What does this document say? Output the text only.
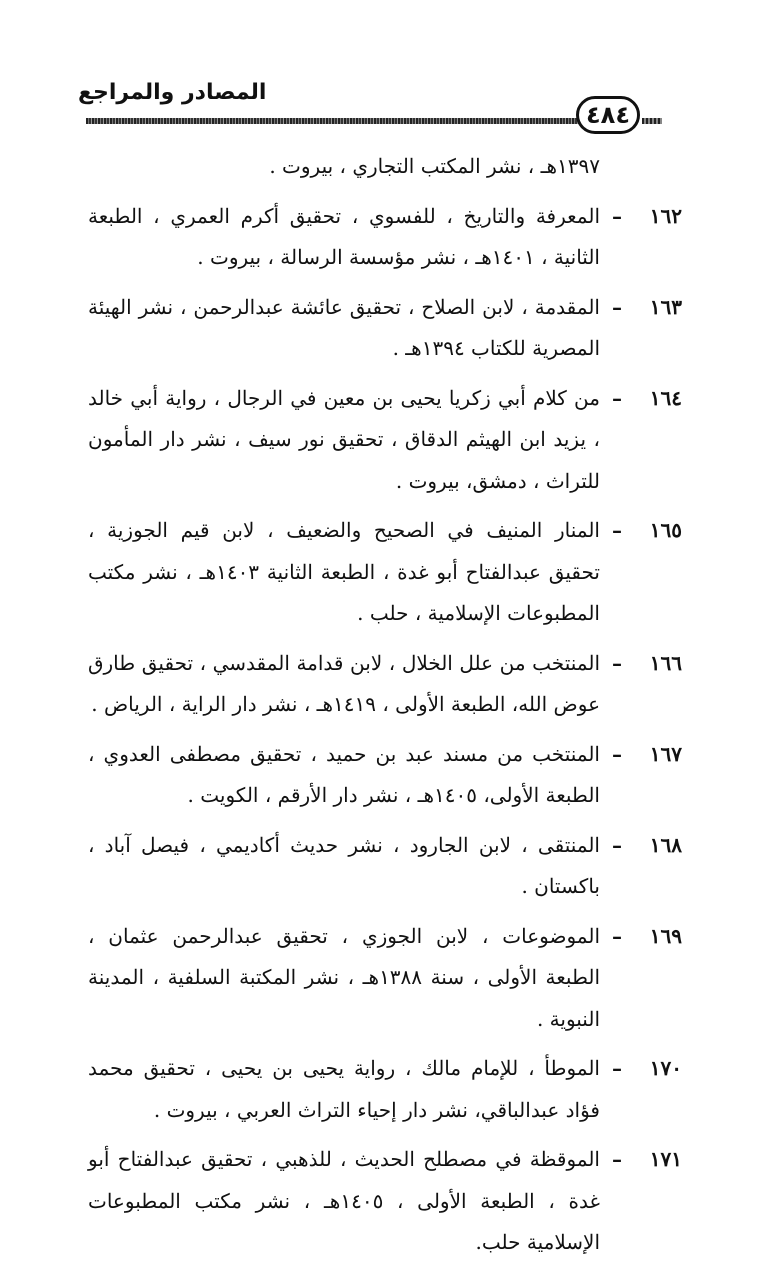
المصادر والمراجع
٤٨٤
١٣٩٧هـ ، نشر المكتب التجاري ، بيروت .
١٦٢
–
المعرفة والتاريخ ، للفسوي ، تحقيق أكرم العمري ، الطبعة الثانية ، ١٤٠١هـ ، نشر مؤسسة الرسالة ، بيروت .
١٦٣
–
المقدمة ، لابن الصلاح ، تحقيق عائشة عبدالرحمن ، نشر الهيئة المصرية للكتاب ١٣٩٤هـ .
١٦٤
–
من كلام أبي زكريا يحيى بن معين في الرجال ، رواية أبي خالد ، يزيد ابن الهيثم الدقاق ، تحقيق نور سيف ، نشر دار المأمون للتراث ، دمشق، بيروت .
١٦٥
–
المنار المنيف في الصحيح والضعيف ، لابن قيم الجوزية ، تحقيق عبدالفتاح أبو غدة ، الطبعة الثانية ١٤٠٣هـ ، نشر مكتب المطبوعات الإسلامية ، حلب .
١٦٦
–
المنتخب من علل الخلال ، لابن قدامة المقدسي ، تحقيق طارق عوض الله، الطبعة الأولى ، ١٤١٩هـ ، نشر دار الراية ، الرياض .
١٦٧
–
المنتخب من مسند عبد بن حميد ، تحقيق مصطفى العدوي ، الطبعة الأولى، ١٤٠٥هـ ، نشر دار الأرقم ، الكويت .
١٦٨
–
المنتقى ، لابن الجارود ، نشر حديث أكاديمي ، فيصل آباد ، باكستان .
١٦٩
–
الموضوعات ، لابن الجوزي ، تحقيق عبدالرحمن عثمان ، الطبعة الأولى ، سنة ١٣٨٨هـ ، نشر المكتبة السلفية ، المدينة النبوية .
١٧٠
–
الموطأ ، للإمام مالك ، رواية يحيى بن يحيى ، تحقيق محمد فؤاد عبدالباقي، نشر دار إحياء التراث العربي ، بيروت .
١٧١
–
الموقظة في مصطلح الحديث ، للذهبي ، تحقيق عبدالفتاح أبو غدة ، الطبعة الأولى ، ١٤٠٥هـ ، نشر مكتب المطبوعات الإسلامية حلب.
